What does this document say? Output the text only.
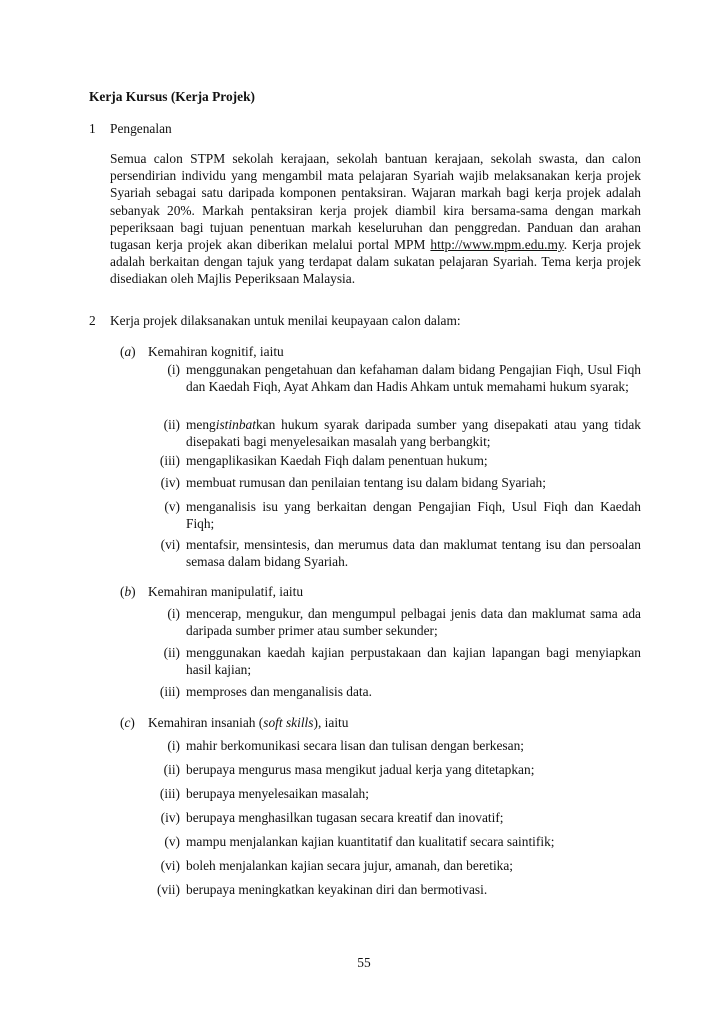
Kerja Kursus (Kerja Projek)
1 Pengenalan
Semua calon STPM sekolah kerajaan, sekolah bantuan kerajaan, sekolah swasta, dan calon persendirian individu yang mengambil mata pelajaran Syariah wajib melaksanakan kerja projek Syariah sebagai satu daripada komponen pentaksiran. Wajaran markah bagi kerja projek adalah sebanyak 20%. Markah pentaksiran kerja projek diambil kira bersama-sama dengan markah peperiksaan bagi tujuan penentuan markah keseluruhan dan penggredan. Panduan dan arahan tugasan kerja projek akan diberikan melalui portal MPM http://www.mpm.edu.my. Kerja projek adalah berkaitan dengan tajuk yang terdapat dalam sukatan pelajaran Syariah. Tema kerja projek disediakan oleh Majlis Peperiksaan Malaysia.
2 Kerja projek dilaksanakan untuk menilai keupayaan calon dalam:
(a) Kemahiran kognitif, iaitu
(i) menggunakan pengetahuan dan kefahaman dalam bidang Pengajian Fiqh, Usul Fiqh dan Kaedah Fiqh, Ayat Ahkam dan Hadis Ahkam untuk memahami hukum syarak;
(ii) mengistinbatkan hukum syarak daripada sumber yang disepakati atau yang tidak disepakati bagi menyelesaikan masalah yang berbangkit;
(iii) mengaplikasikan Kaedah Fiqh dalam penentuan hukum;
(iv) membuat rumusan dan penilaian tentang isu dalam bidang Syariah;
(v) menganalisis isu yang berkaitan dengan Pengajian Fiqh, Usul Fiqh dan Kaedah Fiqh;
(vi) mentafsir, mensintesis, dan merumus data dan maklumat tentang isu dan persoalan semasa dalam bidang Syariah.
(b) Kemahiran manipulatif, iaitu
(i) mencerap, mengukur, dan mengumpul pelbagai jenis data dan maklumat sama ada daripada sumber primer atau sumber sekunder;
(ii) menggunakan kaedah kajian perpustakaan dan kajian lapangan bagi menyiapkan hasil kajian;
(iii) memproses dan menganalisis data.
(c) Kemahiran insaniah (soft skills), iaitu
(i) mahir berkomunikasi secara lisan dan tulisan dengan berkesan;
(ii) berupaya mengurus masa mengikut jadual kerja yang ditetapkan;
(iii) berupaya menyelesaikan masalah;
(iv) berupaya menghasilkan tugasan secara kreatif dan inovatif;
(v) mampu menjalankan kajian kuantitatif dan kualitatif secara saintifik;
(vi) boleh menjalankan kajian secara jujur, amanah, dan beretika;
(vii) berupaya meningkatkan keyakinan diri dan bermotivasi.
55
